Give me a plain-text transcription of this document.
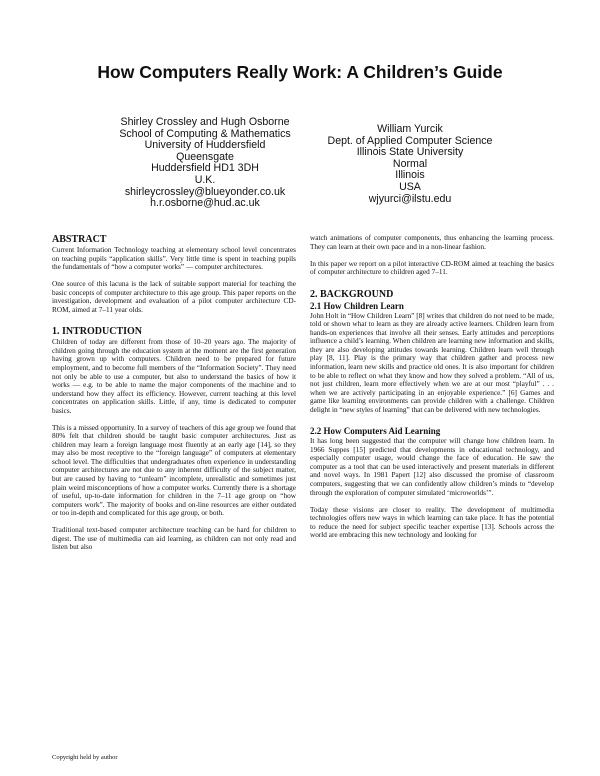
How Computers Really Work: A Children’s Guide
Shirley Crossley and Hugh Osborne
School of Computing & Mathematics
University of Huddersfield
Queensgate
Huddersfield HD1 3DH
U.K.
shirleycrossley@blueyonder.co.uk
h.r.osborne@hud.ac.uk
William Yurcik
Dept. of Applied Computer Science
Illinois State University
Normal
Illinois
USA
wjyurci@ilstu.edu
ABSTRACT

Current Information Technology teaching at elementary school level concentrates on teaching pupils “application skills”. Very little time is spent in teaching pupils the fundamentals of “how a computer works” — computer architectures.

One source of this lacuna is the lack of suitable support material for teaching the basic concepts of computer architecture to this age group. This paper reports on the investigation, development and evaluation of a pilot computer architecture CD-ROM, aimed at 7–11 year olds.

1. INTRODUCTION

Children of today are different from those of 10–20 years ago. The majority of children going through the education system at the moment are the first generation having grown up with computers. Children need to be prepared for future employment, and to become full members of the “Information Society”. They need not only be able to use a computer, but also to understand the basics of how it works — e.g. to be able to name the major components of the machine and to understand how they affect its efficiency. However, current teaching at this level concentrates on application skills. Little, if any, time is dedicated to computer basics.

This is a missed opportunity. In a survey of teachers of this age group we found that 80% felt that children should be taught basic computer architectures. Just as children may learn a foreign language most fluently at an early age [14], so they may also be most receptive to the “foreign language” of computers at elementary school level. The difficulties that undergraduates often experience in understanding computer architectures are not due to any inherent difficulty of the subject matter, but are caused by having to “unlearn” incomplete, unrealistic and sometimes just plain weird misconceptions of how a computer works. Currently there is a shortage of useful, up-to-date information for children in the 7–11 age group on “how computers work”. The majority of books and on-line resources are either outdated or too in-depth and complicated for this age group, or both.

Traditional text-based computer architecture teaching can be hard for children to digest. The use of multimedia can aid learning, as children can not only read and listen but also

watch animations of computer components, thus enhancing the learning process. They can learn at their own pace and in a non-linear fashion.

In this paper we report on a pilot interactive CD-ROM aimed at teaching the basics of computer architecture to children aged 7–11.

2. BACKGROUND
2.1 How Children Learn

John Holt in “How Children Learn” [8] writes that children do not need to be made, told or shown what to learn as they are already active learners. Children learn from hands-on experiences that involve all their senses. Early attitudes and perceptions influence a child’s learning. When children are learning new information and skills, they are also developing attitudes towards learning. Children learn well through play [8, 11]. Play is the primary way that children gather and process new information, learn new skills and practice old ones. It is also important for children to be able to reflect on what they know and how they solved a problem. “All of us, not just children, learn more effectively when we are at our most “playful” . . . when we are actively participating in an enjoyable experience.” [6] Games and game like learning environments can provide children with a challenge. Children delight in “new styles of learning” that can be delivered with new technologies.

2.2 How Computers Aid Learning

It has long been suggested that the computer will change how children learn. In 1966 Suppes [15] predicted that developments in educational technology, and especially computer usage, would change the face of education. He saw the computer as a tool that can be used interactively and present materials in different and novel ways. In 1981 Papert [12] also discussed the promise of classroom computers, suggesting that we can confidently allow children’s minds to “develop through the exploration of computer simulated ‘microworlds’”.

Today these visions are closer to reality. The development of multimedia technologies offers new ways in which learning can take place. It has the potential to reduce the need for subject specific teacher expertise [13]. Schools across the world are embracing this new technology and looking for

Copyright held by author
